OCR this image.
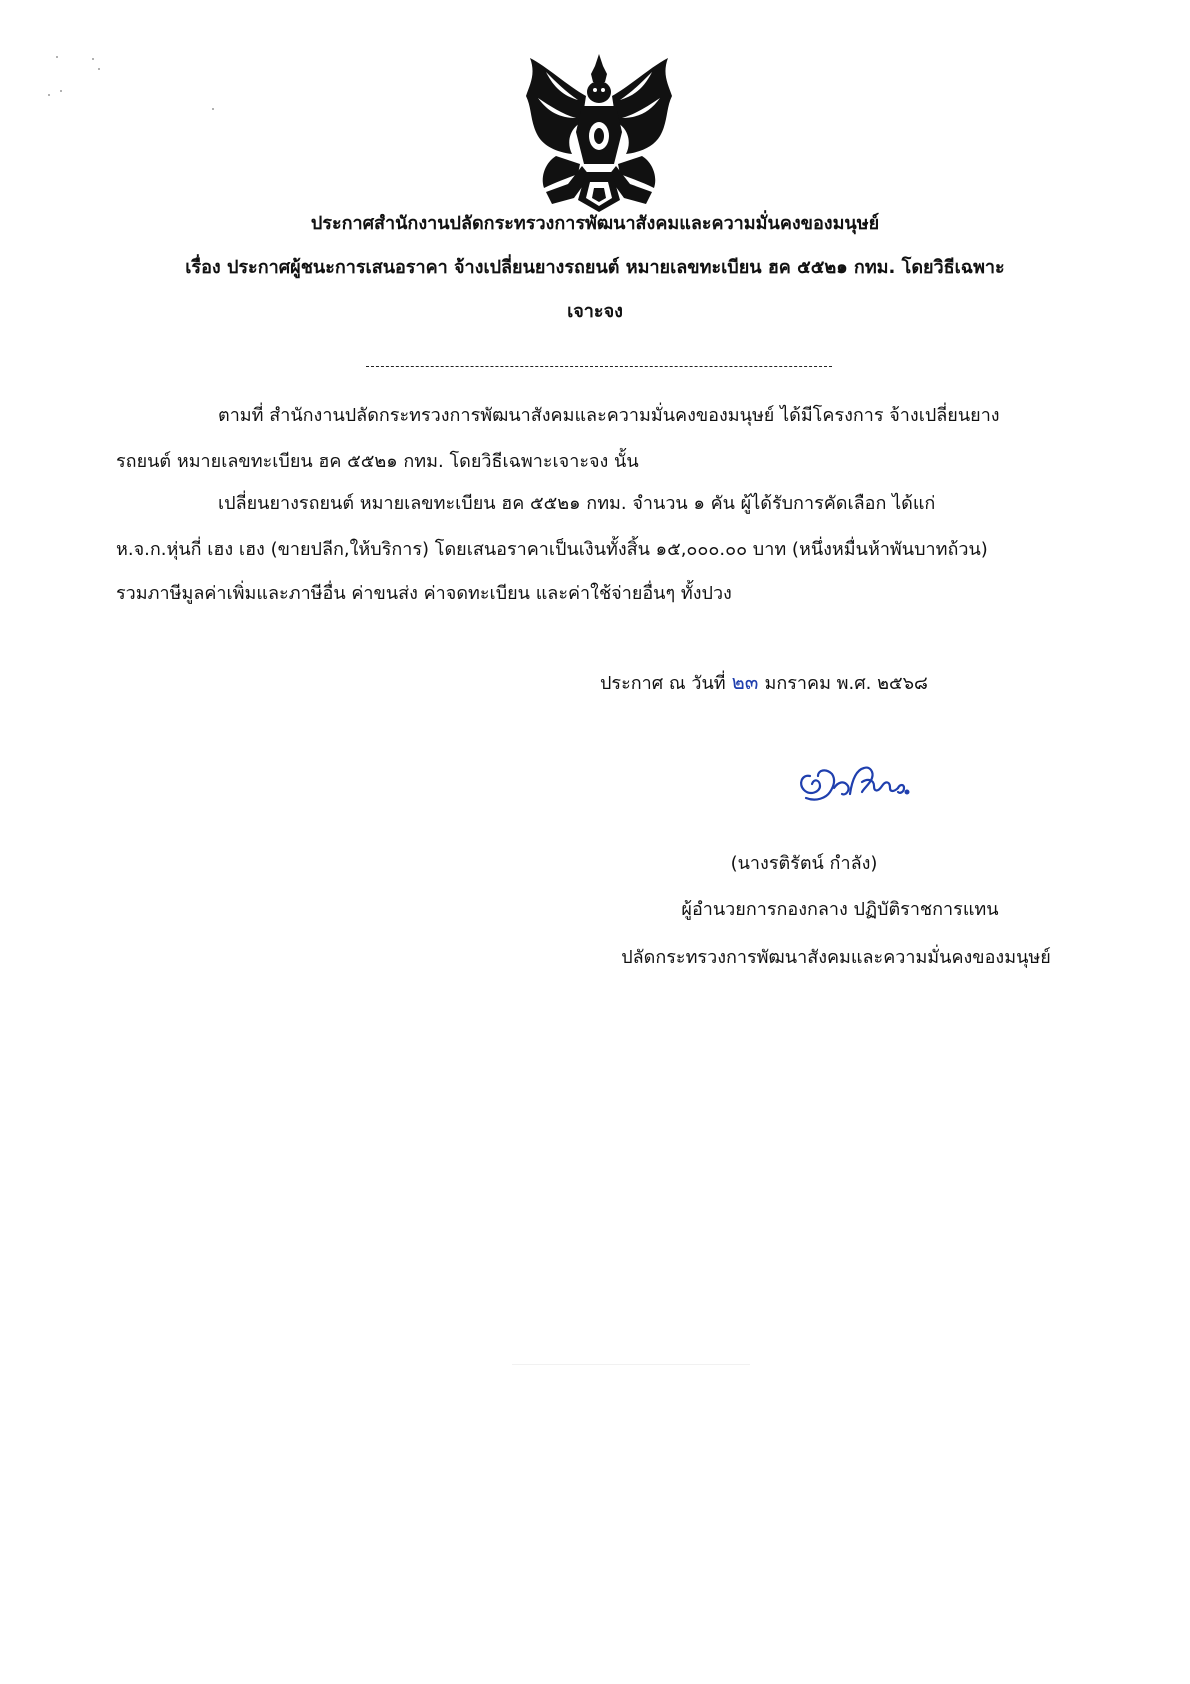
ประกาศสำนักงานปลัดกระทรวงการพัฒนาสังคมและความมั่นคงของมนุษย์
เรื่อง ประกาศผู้ชนะการเสนอราคา จ้างเปลี่ยนยางรถยนต์ หมายเลขทะเบียน ฮค ๕๕๒๑ กทม. โดยวิธีเฉพาะ
เจาะจง
ตามที่ สำนักงานปลัดกระทรวงการพัฒนาสังคมและความมั่นคงของมนุษย์ ได้มีโครงการ จ้างเปลี่ยนยาง
รถยนต์ หมายเลขทะเบียน ฮค ๕๕๒๑ กทม. โดยวิธีเฉพาะเจาะจง นั้น
เปลี่ยนยางรถยนต์ หมายเลขทะเบียน ฮค ๕๕๒๑ กทม. จำนวน ๑ คัน ผู้ได้รับการคัดเลือก ได้แก่
ห.จ.ก.หุ่นกี่ เฮง เฮง (ขายปลีก,ให้บริการ) โดยเสนอราคาเป็นเงินทั้งสิ้น ๑๕,๐๐๐.๐๐ บาท (หนึ่งหมื่นห้าพันบาทถ้วน)
รวมภาษีมูลค่าเพิ่มและภาษีอื่น ค่าขนส่ง ค่าจดทะเบียน และค่าใช้จ่ายอื่นๆ ทั้งปวง
ประกาศ ณ วันที่ ๒๓ มกราคม พ.ศ. ๒๕๖๘
(นางรติรัตน์ กำลัง)
ผู้อำนวยการกองกลาง ปฏิบัติราชการแทน
ปลัดกระทรวงการพัฒนาสังคมและความมั่นคงของมนุษย์
